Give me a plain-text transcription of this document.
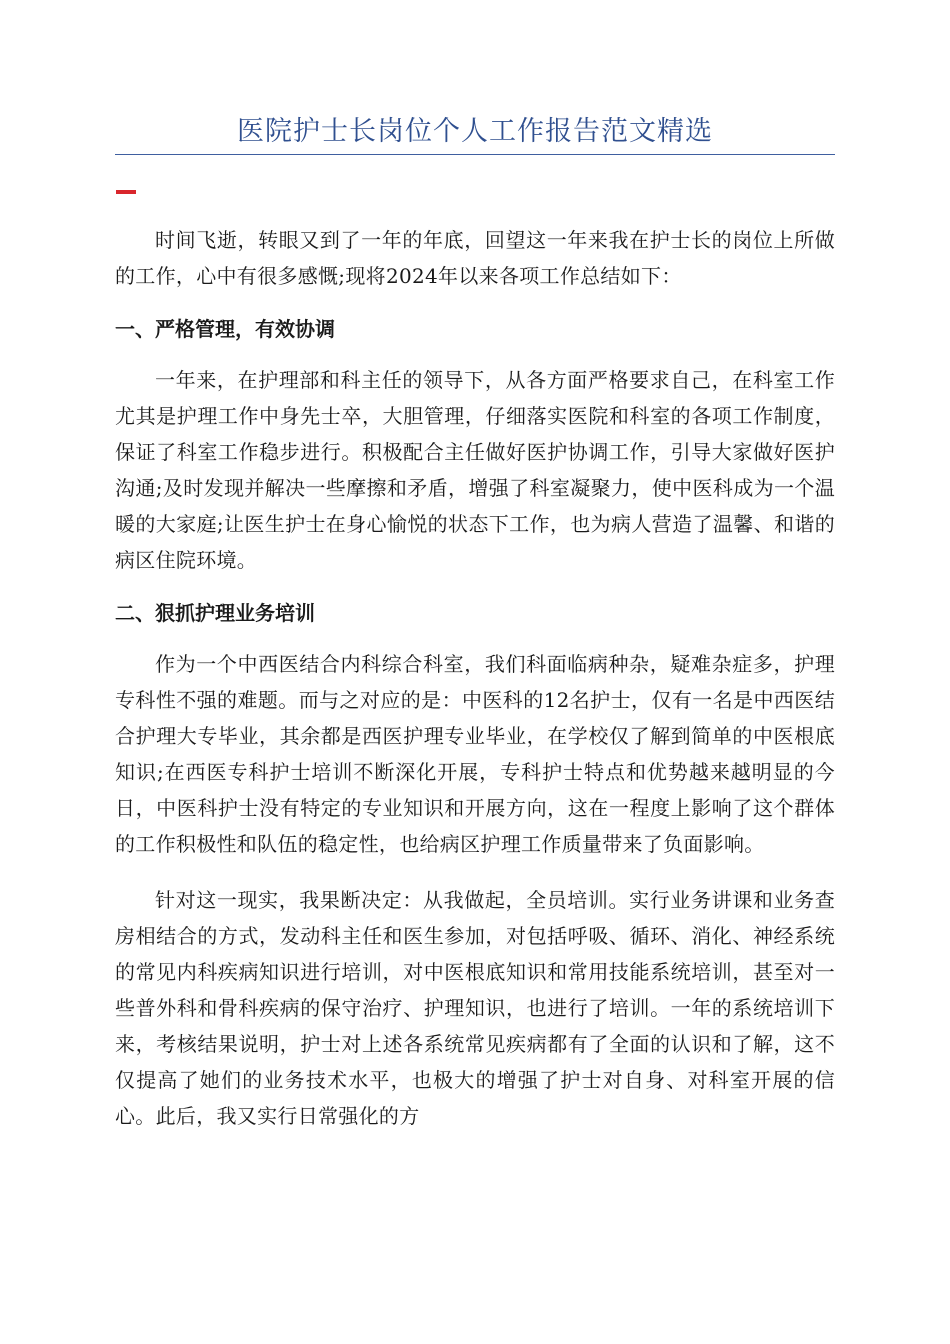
医院护士长岗位个人工作报告范文精选

时间飞逝，转眼又到了一年的年底，回望这一年来我在护士长的岗位上所做的工作，心中有很多感慨;现将2024年以来各项工作总结如下：

一、严格管理，有效协调

一年来，在护理部和科主任的领导下，从各方面严格要求自己，在科室工作尤其是护理工作中身先士卒，大胆管理，仔细落实医院和科室的各项工作制度，保证了科室工作稳步进行。积极配合主任做好医护协调工作，引导大家做好医护沟通;及时发现并解决一些摩擦和矛盾，增强了科室凝聚力，使中医科成为一个温暖的大家庭;让医生护士在身心愉悦的状态下工作，也为病人营造了温馨、和谐的病区住院环境。

二、狠抓护理业务培训

作为一个中西医结合内科综合科室，我们科面临病种杂，疑难杂症多，护理专科性不强的难题。而与之对应的是：中医科的12名护士，仅有一名是中西医结合护理大专毕业，其余都是西医护理专业毕业，在学校仅了解到简单的中医根底知识;在西医专科护士培训不断深化开展，专科护士特点和优势越来越明显的今日，中医科护士没有特定的专业知识和开展方向，这在一程度上影响了这个群体的工作积极性和队伍的稳定性，也给病区护理工作质量带来了负面影响。

针对这一现实，我果断决定：从我做起，全员培训。实行业务讲课和业务查房相结合的方式，发动科主任和医生参加，对包括呼吸、循环、消化、神经系统的常见内科疾病知识进行培训，对中医根底知识和常用技能系统培训，甚至对一些普外科和骨科疾病的保守治疗、护理知识，也进行了培训。一年的系统培训下来，考核结果说明，护士对上述各系统常见疾病都有了全面的认识和了解，这不仅提高了她们的业务技术水平，也极大的增强了护士对自身、对科室开展的信心。此后，我又实行日常强化的方
